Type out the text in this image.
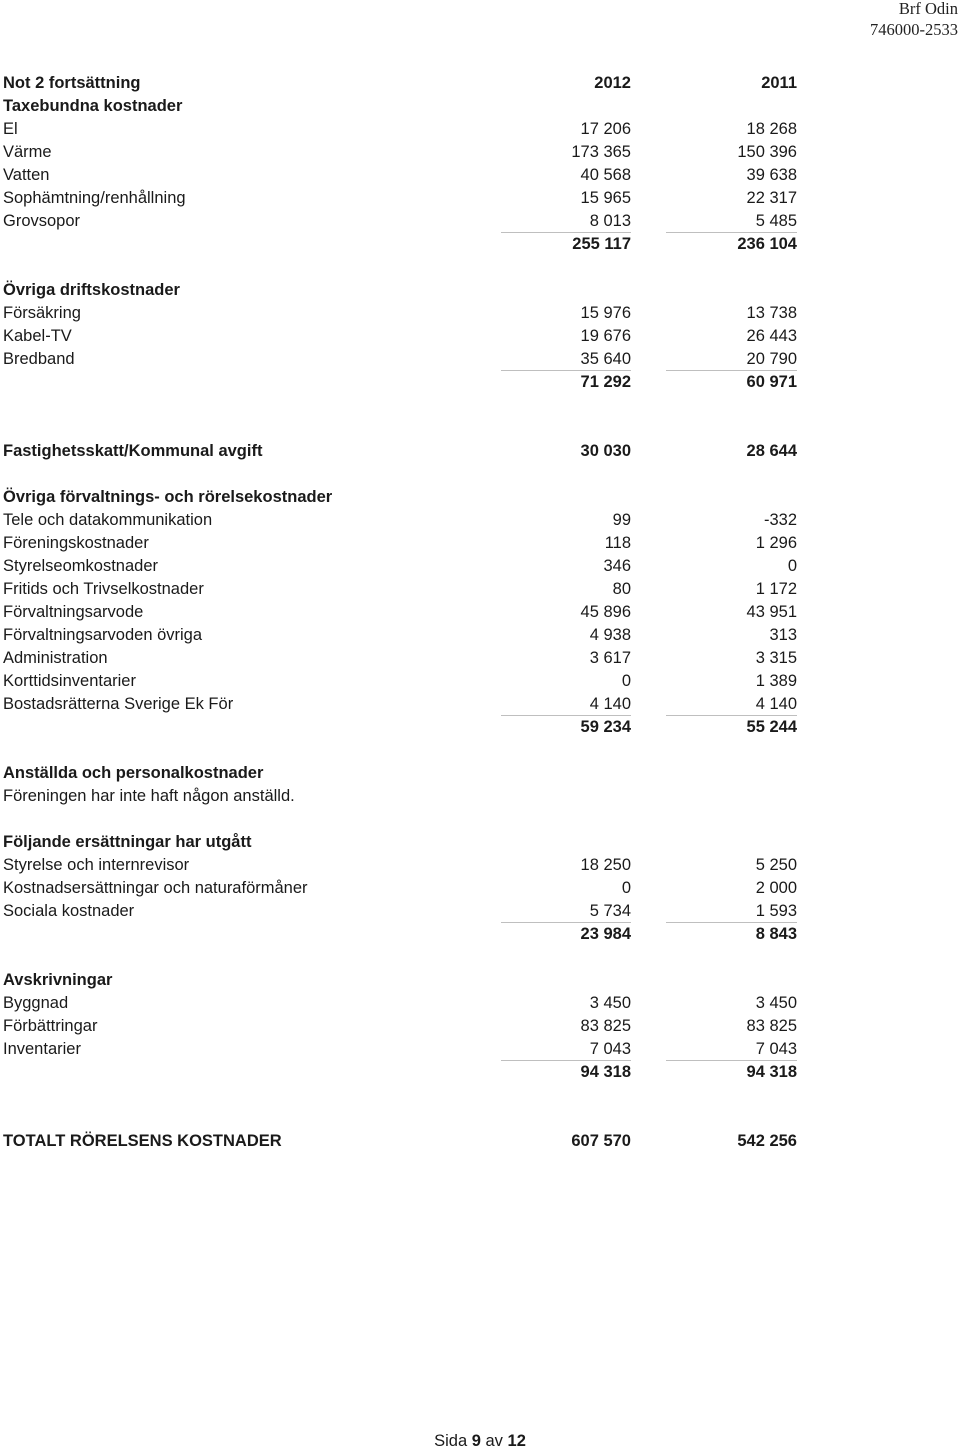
Brf Odin
746000-2533
Not 2 fortsättning	2012	2011
Taxebundna kostnader
El	17 206	18 268
Värme	173 365	150 396
Vatten	40 568	39 638
Sophämtning/renhållning	15 965	22 317
Grovsopor	8 013	5 485
255 117	236 104
Övriga driftskostnader
Försäkring	15 976	13 738
Kabel-TV	19 676	26 443
Bredband	35 640	20 790
71 292	60 971
Fastighetsskatt/Kommunal avgift	30 030	28 644
Övriga förvaltnings- och rörelsekostnader
Tele och datakommunikation	99	-332
Föreningskostnader	118	1 296
Styrelseomkostnader	346	0
Fritids och Trivselkostnader	80	1 172
Förvaltningsarvode	45 896	43 951
Förvaltningsarvoden övriga	4 938	313
Administration	3 617	3 315
Korttidsinventarier	0	1 389
Bostadsrätterna Sverige Ek För	4 140	4 140
59 234	55 244
Anställda och personalkostnader
Föreningen har inte haft någon anställd.
Följande ersättningar har utgått
Styrelse och internrevisor	18 250	5 250
Kostnadsersättningar och naturaförmåner	0	2 000
Sociala kostnader	5 734	1 593
23 984	8 843
Avskrivningar
Byggnad	3 450	3 450
Förbättringar	83 825	83 825
Inventarier	7 043	7 043
94 318	94 318
TOTALT RÖRELSENS KOSTNADER	607 570	542 256
Sida 9 av 12
